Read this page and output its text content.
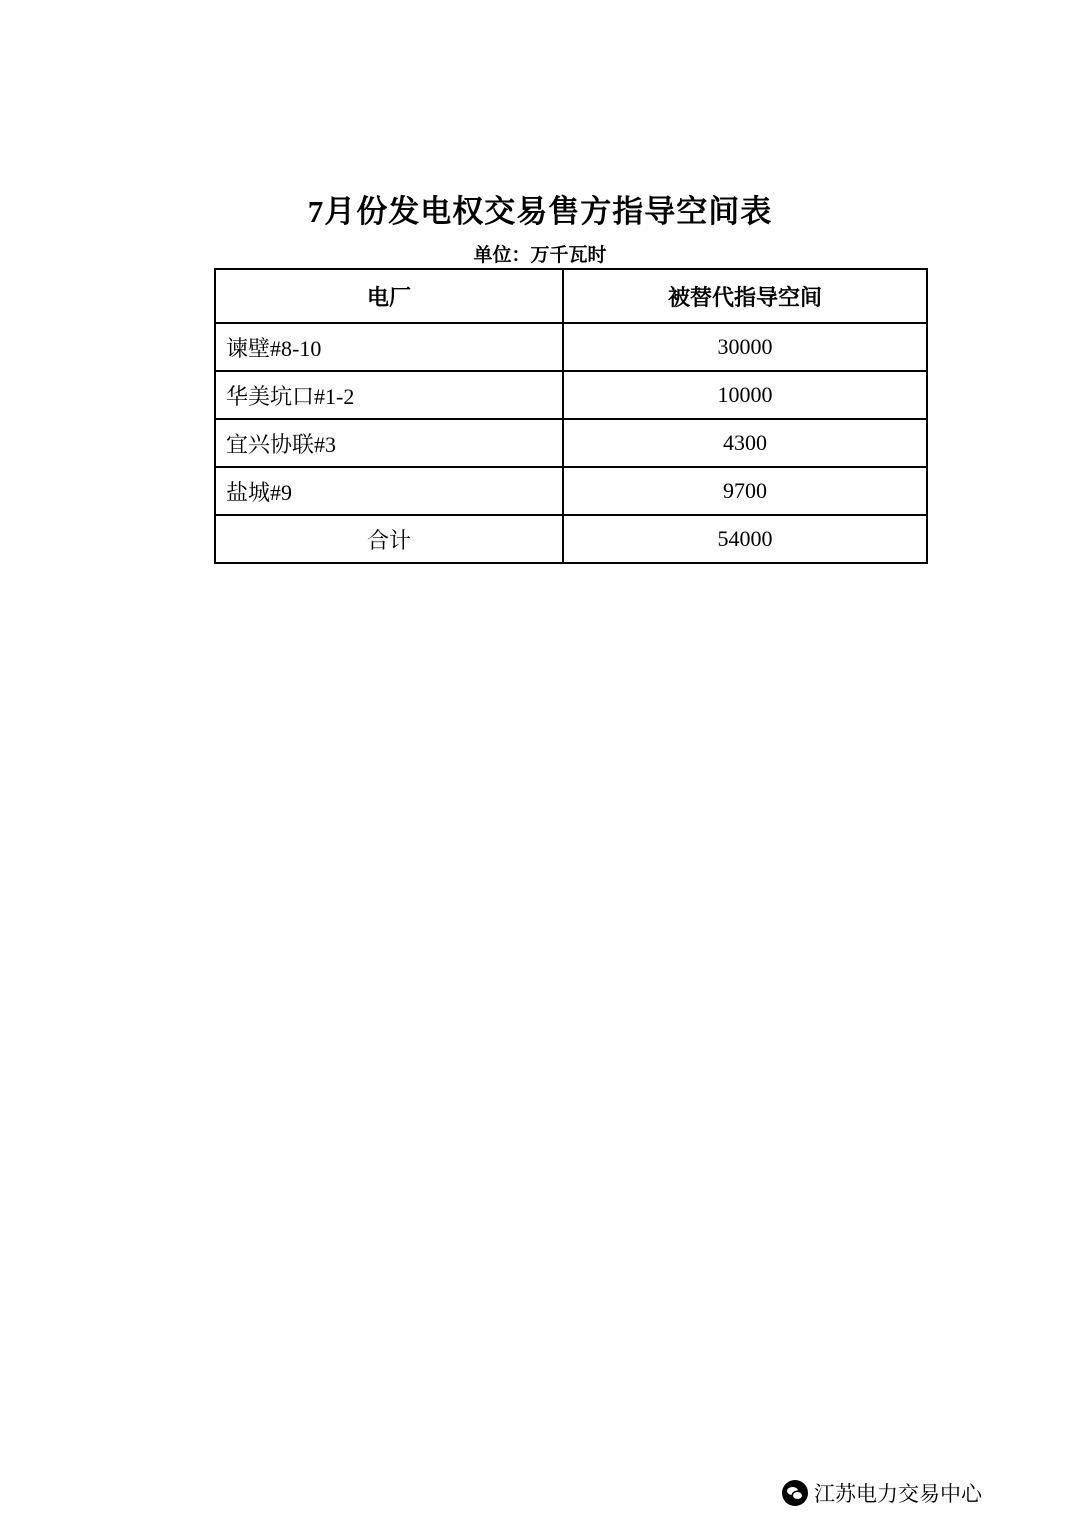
7月份发电权交易售方指导空间表
单位：万千瓦时
电厂	被替代指导空间
谏壁#8-10	30000
华美坑口#1-2	10000
宜兴协联#3	4300
盐城#9	9700
合计	54000
江苏电力交易中心
